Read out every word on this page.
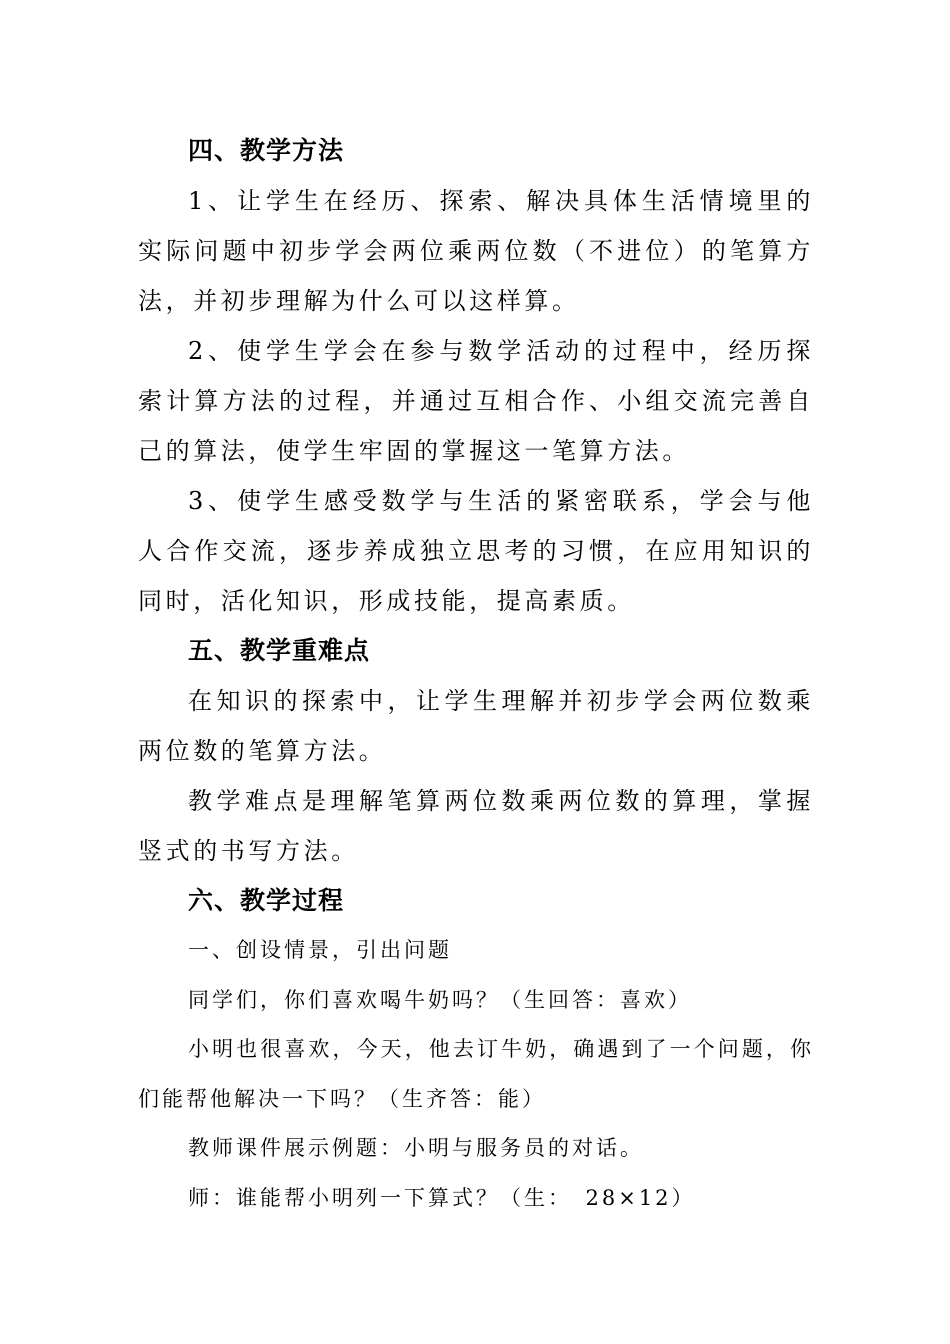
四、教学方法

1、让学生在经历、探索、解决具体生活情境里的实际问题中初步学会两位乘两位数（不进位）的笔算方法，并初步理解为什么可以这样算。

2、使学生学会在参与数学活动的过程中，经历探索计算方法的过程，并通过互相合作、小组交流完善自己的算法，使学生牢固的掌握这一笔算方法。

3、使学生感受数学与生活的紧密联系，学会与他人合作交流，逐步养成独立思考的习惯，在应用知识的同时，活化知识，形成技能，提高素质。

五、教学重难点

在知识的探索中，让学生理解并初步学会两位数乘两位数的笔算方法。

教学难点是理解笔算两位数乘两位数的算理，掌握竖式的书写方法。

六、教学过程

一、创设情景，引出问题

同学们，你们喜欢喝牛奶吗？（生回答：喜欢）

小明也很喜欢，今天，他去订牛奶，确遇到了一个问题，你们能帮他解决一下吗？（生齐答：能）

教师课件展示例题：小明与服务员的对话。

师：谁能帮小明列一下算式？（生：　28×12）
